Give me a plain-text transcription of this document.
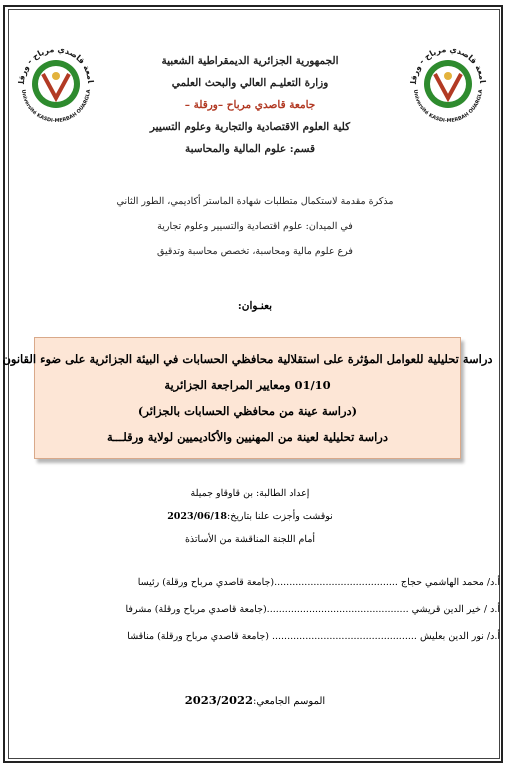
امعة قاصدي مرباح - ورقل
Université KASDI-MERBAH OUARGLA
امعة قاصدي مرباح - ورقل
Université KASDI-MERBAH OUARGLA

الجمهورية الجزائرية الديمقراطية الشعبية

وزارة التعليـم العالي والبحث العلمي

جامعة قاصدي مرباح –ورقلة –

كلية العلوم الاقتصادية والتجارية وعلوم التسيير

قسم: علوم المالية والمحاسبة

مذكرة مقدمة لاستكمال متطلبات شهادة الماستر أكاديمي، الطور الثاني

في الميدان: علوم اقتصادية والتسيير وعلوم تجارية

فرع علوم مالية ومحاسبة، تخصص محاسبة وتدقيق

بعنـوان:
دراسة تحليلية للعوامل المؤثرة على استقلالية محافظي الحسابات في البيئة الجزائرية على ضوء القانون
01/10 ومعايير المراجعة الجزائرية
(دراسة عينة من محافظي الحسابات بالجزائر)
دراسة تحليلية لعينة من المهنيين والأكاديميين لولاية ورقلـــة

إعداد الطالبة: بن قاوقاو جميلة

نوقشت وأجزت علنا بتاريخ:2023/06/18

أمام اللجنة المناقشة من الأساتذة

أ.د/ محمد الهاشمي حجاج .........................................(جامعة قاصدي مرباح ورقلة) رئيسا

أ.د / خير الدين قريشي ...............................................(جامعة قاصدي مرباح ورقلة) مشرفا

أ.د/ نور الدين بعليش ................................................ (جامعة قاصدي مرباح ورقلة) مناقشا

الموسم الجامعي:2023/2022
